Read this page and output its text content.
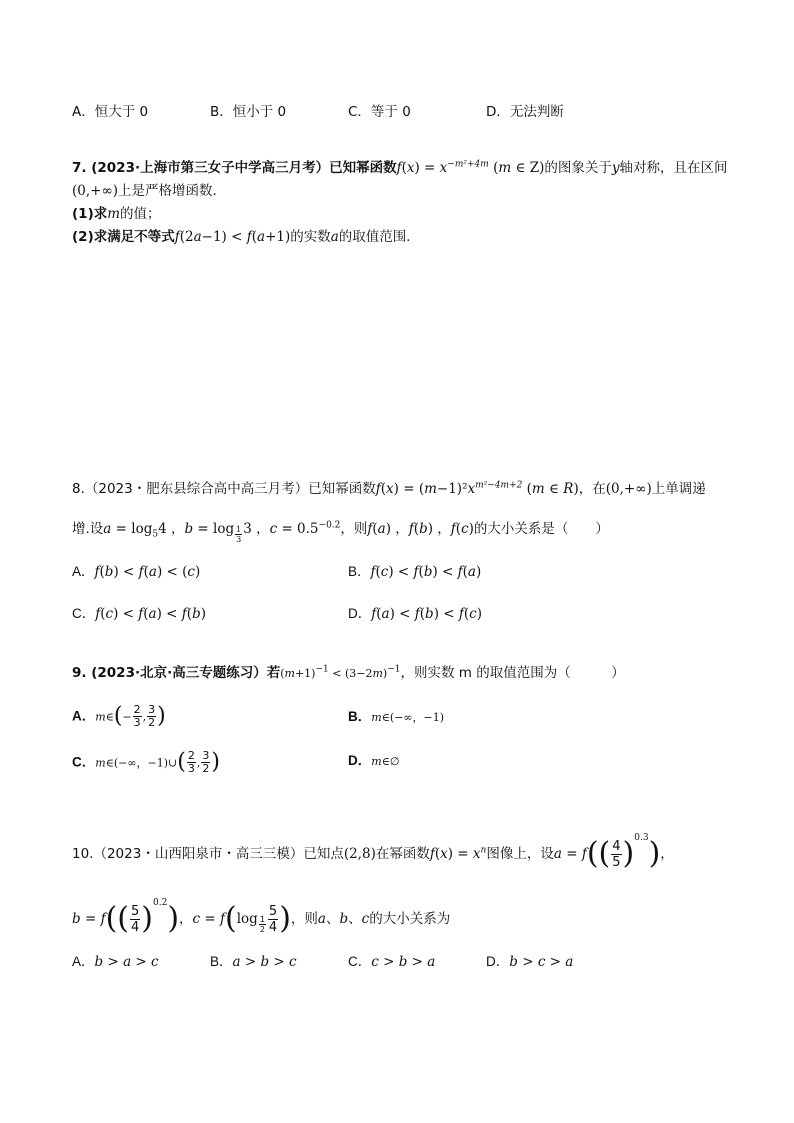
A．恒大于 0	B．恒小于 0	C．等于 0	D．无法判断
7. (2023·上海市第三女子中学高三月考）已知幂函数$f(x) = x^{-m^2+4m}$ (m ∈ Z)的图象关于y轴对称，且在区间
(0,+∞)上是严格增函数．
(1)求m的值；
(2)求满足不等式f(2a−1) < f(a+1)的实数a的取值范围．
8.（2023・肥东县综合高中高三月考）已知幂函数$f(x) = (m-1)^2x^{m^2-4m+2}$ (m ∈ R)，在(0,+∞)上单调递
增.设$a = \log_54$ ，b = log $_{\frac{1}{3}}$ 3 ，$c = 0.5^{-0.2}$，则f(a) ，f(b) ，f(c)的大小关系是（　　）
A．f(b) < f(a) < (c)	B．f(c) < f(b) < f(a)
C．f(c) < f(a) < f(b)	D．f(a) < f(b) < f(c)
9. (2023·北京·高三专题练习）若$(m+1)^{-1} < (3-2m)^{-1}$，则实数 m 的取值范围为（　　　）
A．m∈(− $\frac{2}{3}$ , $\frac{3}{2}$ )	B．m∈(−∞，−1)
C．m∈(−∞，−1)∪( $\frac{2}{3}$ , $\frac{3}{2}$ )	D．m∈∅
10.（2023・山西阳泉市・高三三模）已知点(2,8)在幂函数$f(x) = x^n$图像上，设$a = f(( \frac{4}{5} )^{0.3})$，
$b = f(( \frac{5}{4} )^{0.2})$，c = f(log $_{\frac{1}{2}} \frac{5}{4}$ )，则a、b、c的大小关系为
A．b > a > c	B．a > b > c	C．c > b > a	D．b > c > a
